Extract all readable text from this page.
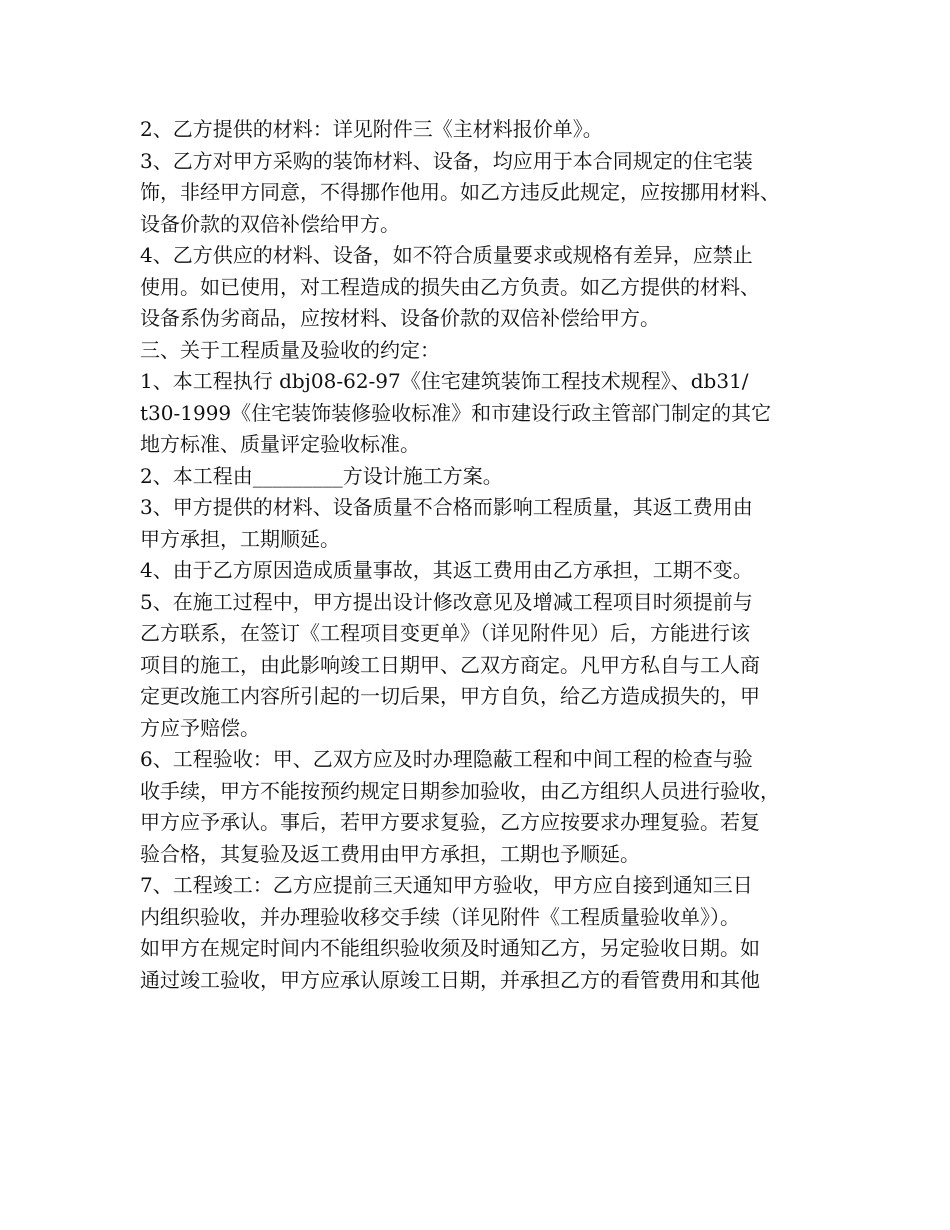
2、乙方提供的材料：详见附件三《主材料报价单》。
3、乙方对甲方采购的装饰材料、设备，均应用于本合同规定的住宅装
饰，非经甲方同意，不得挪作他用。如乙方违反此规定，应按挪用材料、
设备价款的双倍补偿给甲方。
4、乙方供应的材料、设备，如不符合质量要求或规格有差异，应禁止
使用。如已使用，对工程造成的损失由乙方负责。如乙方提供的材料、
设备系伪劣商品，应按材料、设备价款的双倍补偿给甲方。
三、关于工程质量及验收的约定：
1、本工程执行 dbj08-62-97《住宅建筑装饰工程技术规程》、db31/
t30-1999《住宅装饰装修验收标准》和市建设行政主管部门制定的其它
地方标准、质量评定验收标准。
2、本工程由_________方设计施工方案。
3、甲方提供的材料、设备质量不合格而影响工程质量，其返工费用由
甲方承担，工期顺延。
4、由于乙方原因造成质量事故，其返工费用由乙方承担，工期不变。
5、在施工过程中，甲方提出设计修改意见及增减工程项目时须提前与
乙方联系，在签订《工程项目变更单》（详见附件见）后，方能进行该
项目的施工，由此影响竣工日期甲、乙双方商定。凡甲方私自与工人商
定更改施工内容所引起的一切后果，甲方自负，给乙方造成损失的，甲
方应予赔偿。
6、工程验收：甲、乙双方应及时办理隐蔽工程和中间工程的检查与验
收手续，甲方不能按预约规定日期参加验收，由乙方组织人员进行验收，
甲方应予承认。事后，若甲方要求复验，乙方应按要求办理复验。若复
验合格，其复验及返工费用由甲方承担，工期也予顺延。
7、工程竣工：乙方应提前三天通知甲方验收，甲方应自接到通知三日
内组织验收，并办理验收移交手续（详见附件《工程质量验收单》）。
如甲方在规定时间内不能组织验收须及时通知乙方，另定验收日期。如
通过竣工验收，甲方应承认原竣工日期，并承担乙方的看管费用和其他
